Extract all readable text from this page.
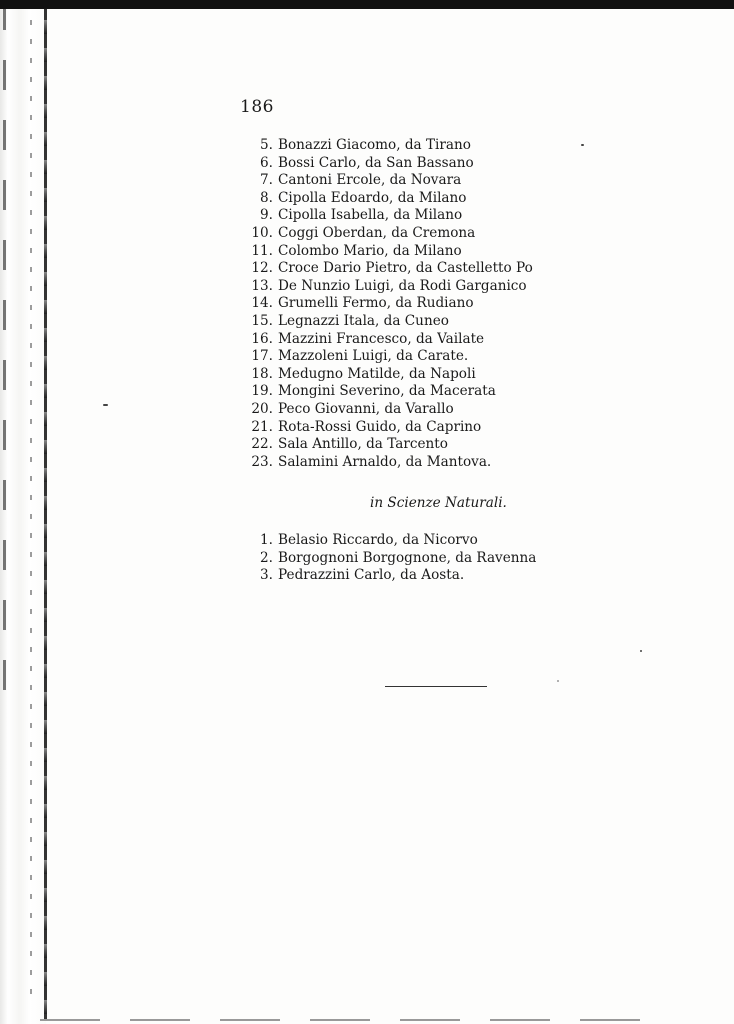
186
5. Bonazzi Giacomo, da Tirano
6. Bossi Carlo, da San Bassano
7. Cantoni Ercole, da Novara
8. Cipolla Edoardo, da Milano
9. Cipolla Isabella, da Milano
10. Coggi Oberdan, da Cremona
11. Colombo Mario, da Milano
12. Croce Dario Pietro, da Castelletto Po
13. De Nunzio Luigi, da Rodi Garganico
14. Grumelli Fermo, da Rudiano
15. Legnazzi Itala, da Cuneo
16. Mazzini Francesco, da Vailate
17. Mazzoleni Luigi, da Carate.
18. Medugno Matilde, da Napoli
19. Mongini Severino, da Macerata
20. Peco Giovanni, da Varallo
21. Rota-Rossi Guido, da Caprino
22. Sala Antillo, da Tarcento
23. Salamini Arnaldo, da Mantova.
in Scienze Naturali.
1. Belasio Riccardo, da Nicorvo
2. Borgognoni Borgognone, da Ravenna
3. Pedrazzini Carlo, da Aosta.
